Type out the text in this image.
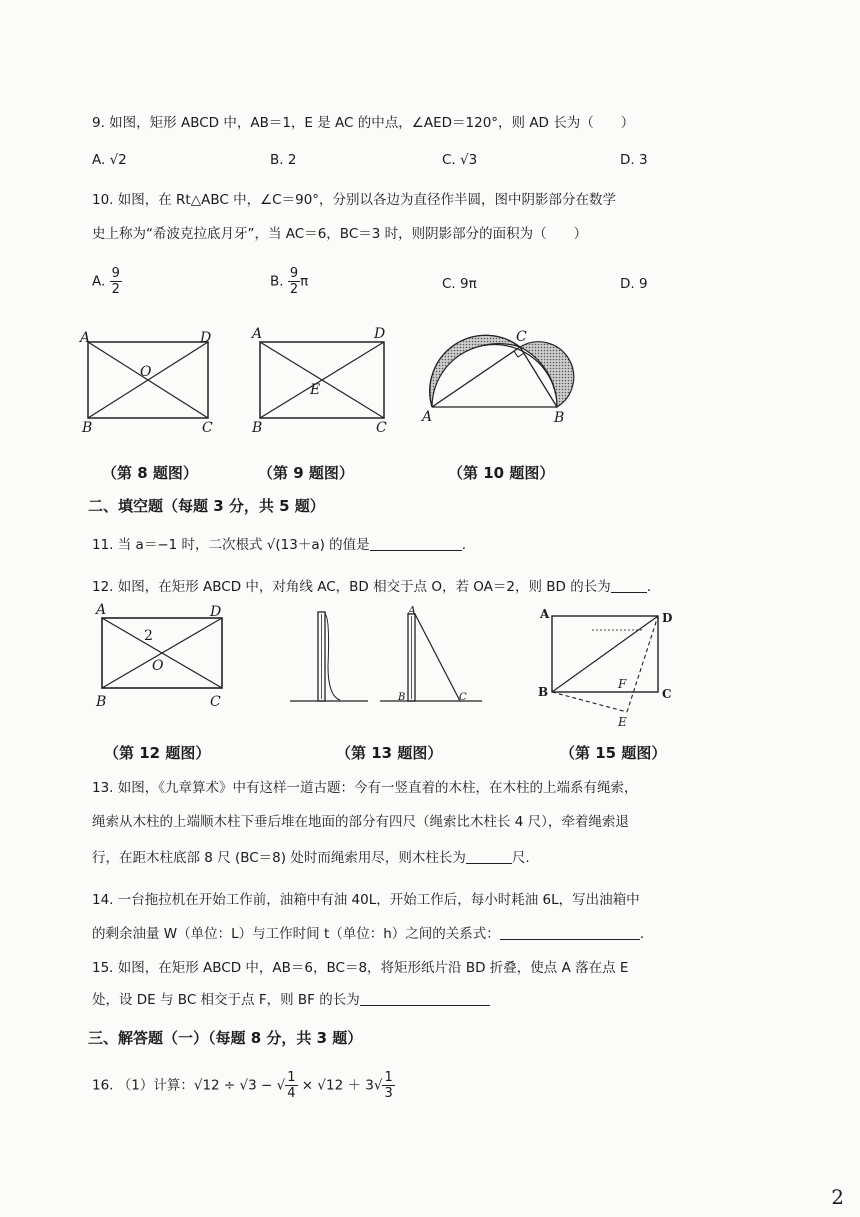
9. 如图，矩形 ABCD 中，AB＝1，E 是 AC 的中点，∠AED＝120°，则 AD 长为（　　）
A. √2	B. 2	C. √3	D. 3
10. 如图，在 Rt△ABC 中，∠C＝90°，分别以各边为直径作半圆，图中阴影部分在数学
史上称为“希波克拉底月牙”，当 AC＝6，BC＝3 时，则阴影部分的面积为（　　）
A. $\frac{9}{2}$	B. $\frac{9}{2}\pi$	C. 9π	D. 9
A	D
B	C
O
A	D
B	C
E
A
C
B
（第 8 题图）	（第 9 题图）	（第 10 题图）
二、填空题（每题 3 分，共 5 题）
11. 当 a＝−1 时，二次根式 √(13＋a) 的值是	.
12. 如图，在矩形 ABCD 中，对角线 AC，BD 相交于点 O，若 OA＝2，则 BD 的长为	.
A	D
B	C
O
2
A
B	C
A	D
B	C
F
E
（第 12 题图）	（第 13 题图）	（第 15 题图）
13. 如图，《九章算术》中有这样一道古题：今有一竖直着的木柱，在木柱的上端系有绳索，
绳索从木柱的上端顺木柱下垂后堆在地面的部分有四尺（绳索比木柱长 4 尺），牵着绳索退
行，在距木柱底部 8 尺 (BC＝8) 处时而绳索用尽，则木柱长为	尺.
14. 一台拖拉机在开始工作前，油箱中有油 40L，开始工作后，每小时耗油 6L，写出油箱中
的剩余油量 W（单位：L）与工作时间 t（单位：h）之间的关系式：	.
15. 如图，在矩形 ABCD 中，AB＝6，BC＝8，将矩形纸片沿 BD 折叠，使点 A 落在点 E
处，设 DE 与 BC 相交于点 F，则 BF 的长为
三、解答题（一）（每题 8 分，共 3 题）
16. （1）计算：√12 ÷ √3 − √ $\frac{1}{4} \times √12 + 3√ \frac{1}{3}$
2
